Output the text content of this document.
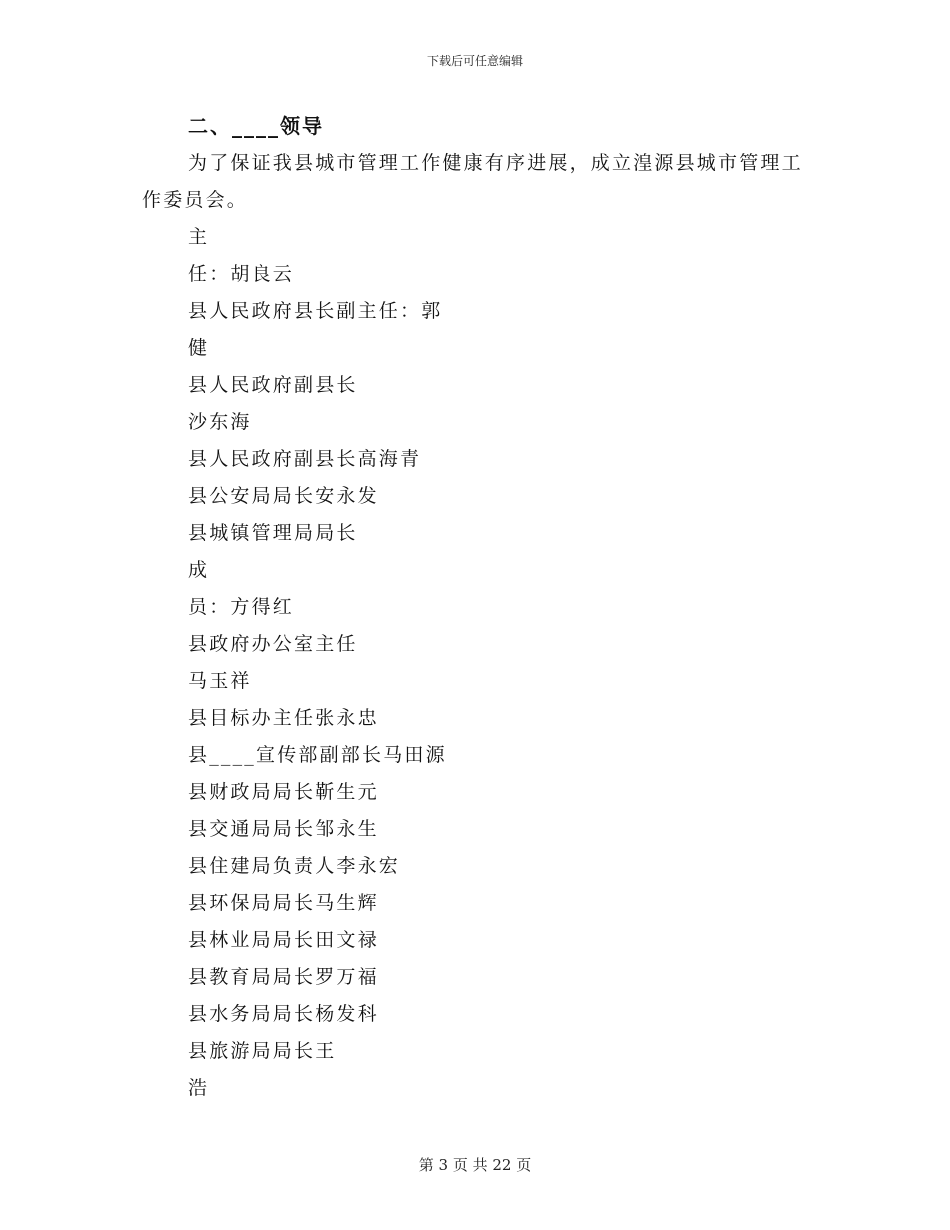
下载后可任意编辑
二、____领导

为了保证我县城市管理工作健康有序进展，成立湟源县城市管理工作委员会。

主
任：胡良云
县人民政府县长副主任：郭
健
县人民政府副县长
沙东海
县人民政府副县长高海青
县公安局局长安永发
县城镇管理局局长
成
员：方得红
县政府办公室主任
马玉祥
县目标办主任张永忠
县____宣传部副部长马田源
县财政局局长靳生元
县交通局局长邹永生
县住建局负责人李永宏
县环保局局长马生辉
县林业局局长田文禄
县教育局局长罗万福
县水务局局长杨发科
县旅游局局长王
浩
第 3 页 共 22 页
